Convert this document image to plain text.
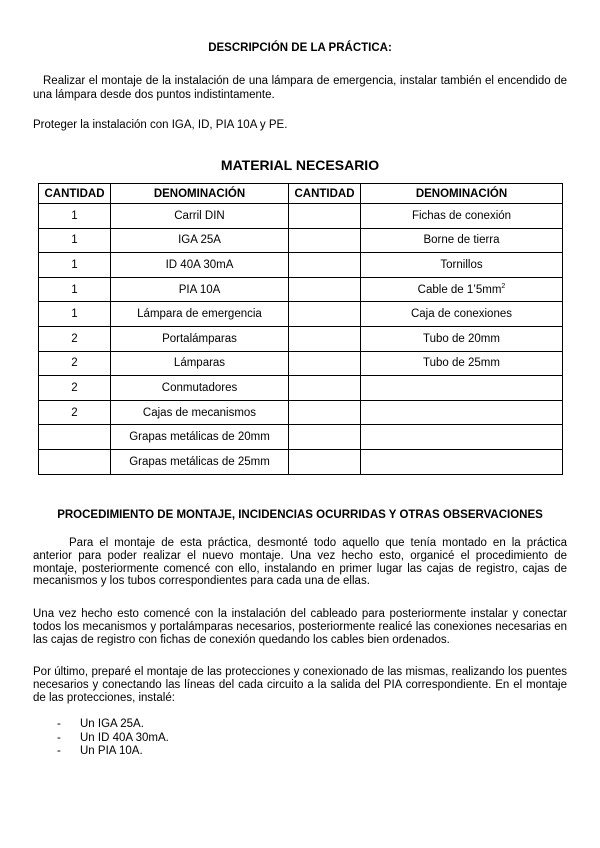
DESCRIPCIÓN DE LA PRÁCTICA:
Realizar el montaje de la instalación de una lámpara de emergencia, instalar también el encendido de una lámpara desde dos puntos indistintamente.
Proteger la instalación con IGA, ID, PIA 10A y PE.
MATERIAL NECESARIO
CANTIDAD	DENOMINACIÓN	CANTIDAD	DENOMINACIÓN
1	Carril DIN		Fichas de conexión
1	IGA 25A		Borne de tierra
1	ID 40A 30mA		Tornillos
1	PIA 10A		Cable de $1’5mm^2$
1	Lámpara de emergencia		Caja de conexiones
2	Portalámparas		Tubo de 20mm
2	Lámparas		Tubo de 25mm
2	Conmutadores		
2	Cajas de mecanismos		
	Grapas metálicas de 20mm		
	Grapas metálicas de 25mm		
PROCEDIMIENTO DE MONTAJE, INCIDENCIAS OCURRIDAS Y OTRAS OBSERVACIONES
Para el montaje de esta práctica, desmonté todo aquello que tenía montado en la práctica anterior para poder realizar el nuevo montaje. Una vez hecho esto, organicé el procedimiento de montaje, posteriormente comencé con ello, instalando en primer lugar las cajas de registro, cajas de mecanismos y los tubos correspondientes para cada una de ellas.
Una vez hecho esto comencé con la instalación del cableado para posteriormente instalar y conectar todos los mecanismos y portalámparas necesarios, posteriormente realicé las conexiones necesarias en las cajas de registro con fichas de conexión quedando los cables bien ordenados.
Por último, preparé el montaje de las protecciones y conexionado de las mismas, realizando los puentes necesarios y conectando las líneas del cada circuito a la salida del PIA correspondiente. En el montaje de las protecciones, instalé:
- Un IGA 25A.
- Un ID 40A 30mA.
- Un PIA 10A.
